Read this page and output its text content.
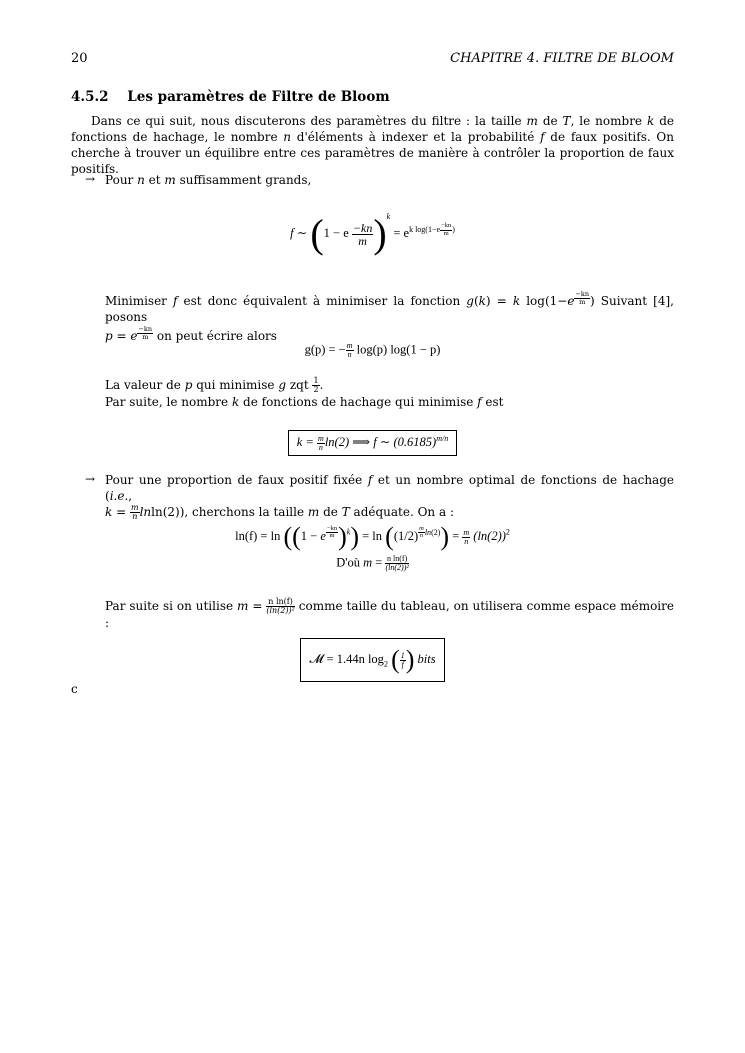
20	CHAPITRE 4. FILTRE DE BLOOM
4.5.2 Les paramètres de Filtre de Bloom
Dans ce qui suit, nous discuterons des paramètres du filtre : la taille m de T, le nombre k de fonctions de hachage, le nombre n d'éléments à indexer et la probabilité f de faux positifs. On cherche à trouver un équilibre entre ces paramètres de manière à contrôler la proportion de faux positifs.
→ Pour n et m suffisamment grands,
f ∼ (1 − e $\frac{-kn}{m} )^k = e^{k log(1-e \frac{-kn}{m} )}$
Minimiser f est donc équivalent à minimiser la fonction g(k) = k log(1−e $^{\frac{-kn}{m}}$ ) Suivant [4], posons
p = e $^{\frac{-kn}{m}}$ on peut écrire alors
g(p) = − $\frac{m}{n} \log(p) \log(1 - p)$
La valeur de p qui minimise g zqt $\frac{1}{2}$ .
Par suite, le nombre k de fonctions de hachage qui minimise f est
$k = \frac{m}{n} \ln(2)$ ⟹ f ∼ $(0.6185)^{m/n}$
→ Pour une proportion de faux positif fixée f et un nombre optimal de fonctions de hachage (i.e.,
$k = \frac{m}{n} lnln(2)$), cherchons la taille m de T adéquate. On a :
ln(f) = ln ((1 − e $^{\frac{-kn}{m}}$ )$^k$) = ln ((1/2) $^{\frac{m}{n} ln(2)}) = \frac{m}{n} (\ln(2))^2$
D'où $m = \frac{\text{n ln(f)}}{\text{(ln(2))²}}$
Par suite si on utilise $m = \frac{\text{n ln(f)}}{\text{(ln(2))²}}$ comme taille du tableau, on utilisera comme espace mémoire :
𝓜 = 1.44n $\log_2$ ( $\frac{1}{f}$ ) bits
c
